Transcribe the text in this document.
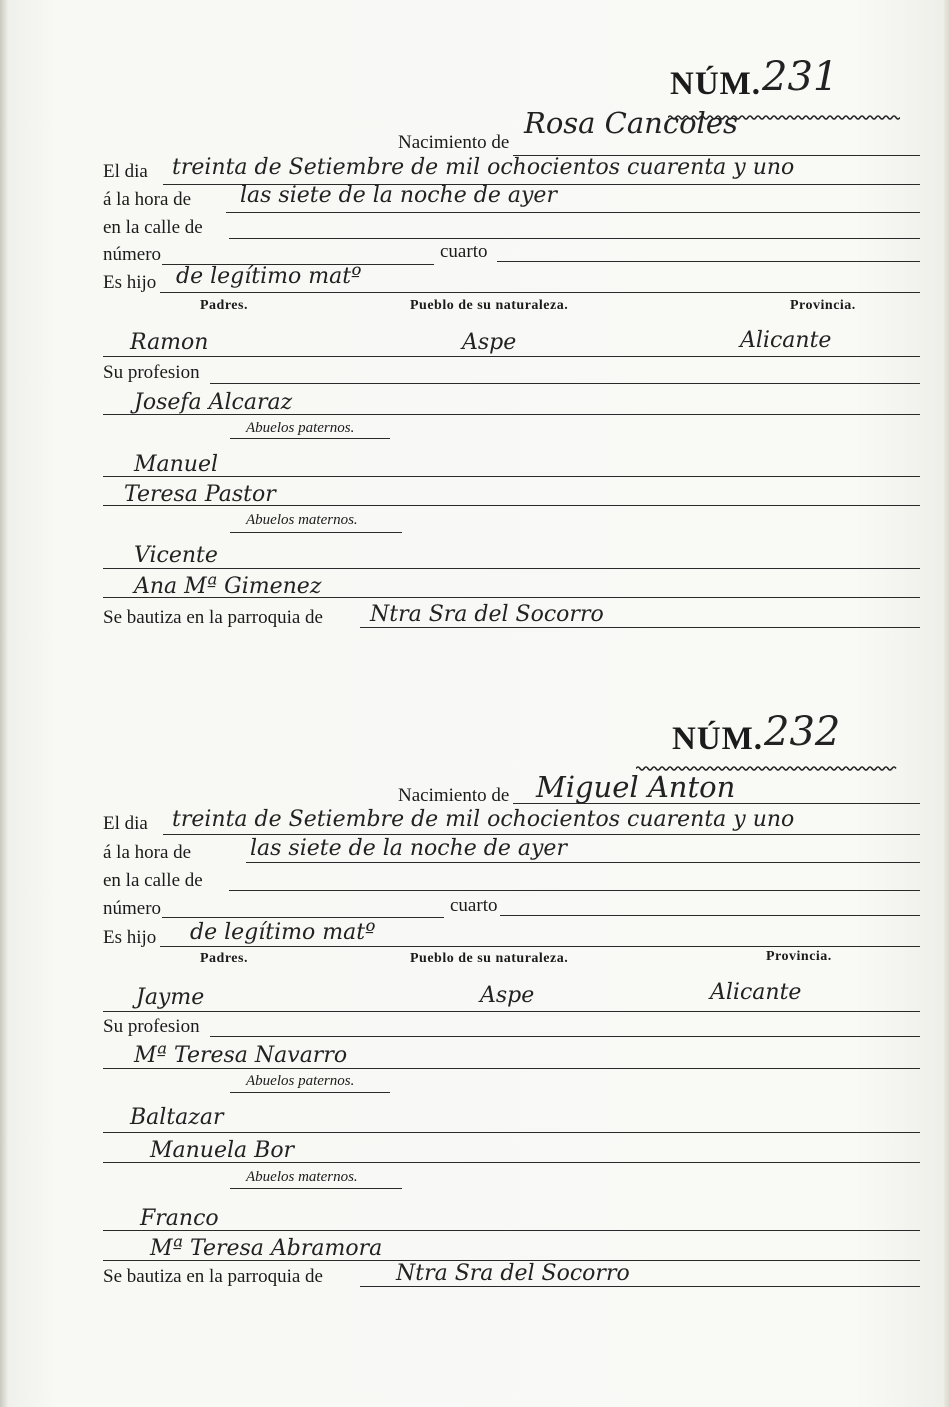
NÚM. 231
Nacimiento de
Rosa Cancoles
El dia treinta de Setiembre de mil ochocientos cuarenta y uno
á la hora de las siete de la noche de ayer
en la calle de
número	cuarto
Es hijo de legítimo matº
Padres.	Pueblo de su naturaleza.	Provincia.
Ramon	Aspe	Alicante
Su profesion
Josefa Alcaraz
Abuelos paternos.
Manuel
Teresa Pastor
Abuelos maternos.
Vicente
Ana Mª Gimenez
Se bautiza en la parroquia de Ntra Sra del Socorro
NÚM. 232
Nacimiento de Miguel Anton
El dia treinta de Setiembre de mil ochocientos cuarenta y uno
á la hora de	las siete de la noche de ayer
en la calle de
número	cuarto
Es hijo de legítimo matº
Padres.	Pueblo de su naturaleza.	Provincia.
Jayme	Aspe	Alicante
Su profesion
Mª Teresa Navarro
Abuelos paternos.
Baltazar
Manuela Bor
Abuelos maternos.
Franco
Mª Teresa Abramora
Se bautiza en la parroquia de	Ntra Sra del Socorro
